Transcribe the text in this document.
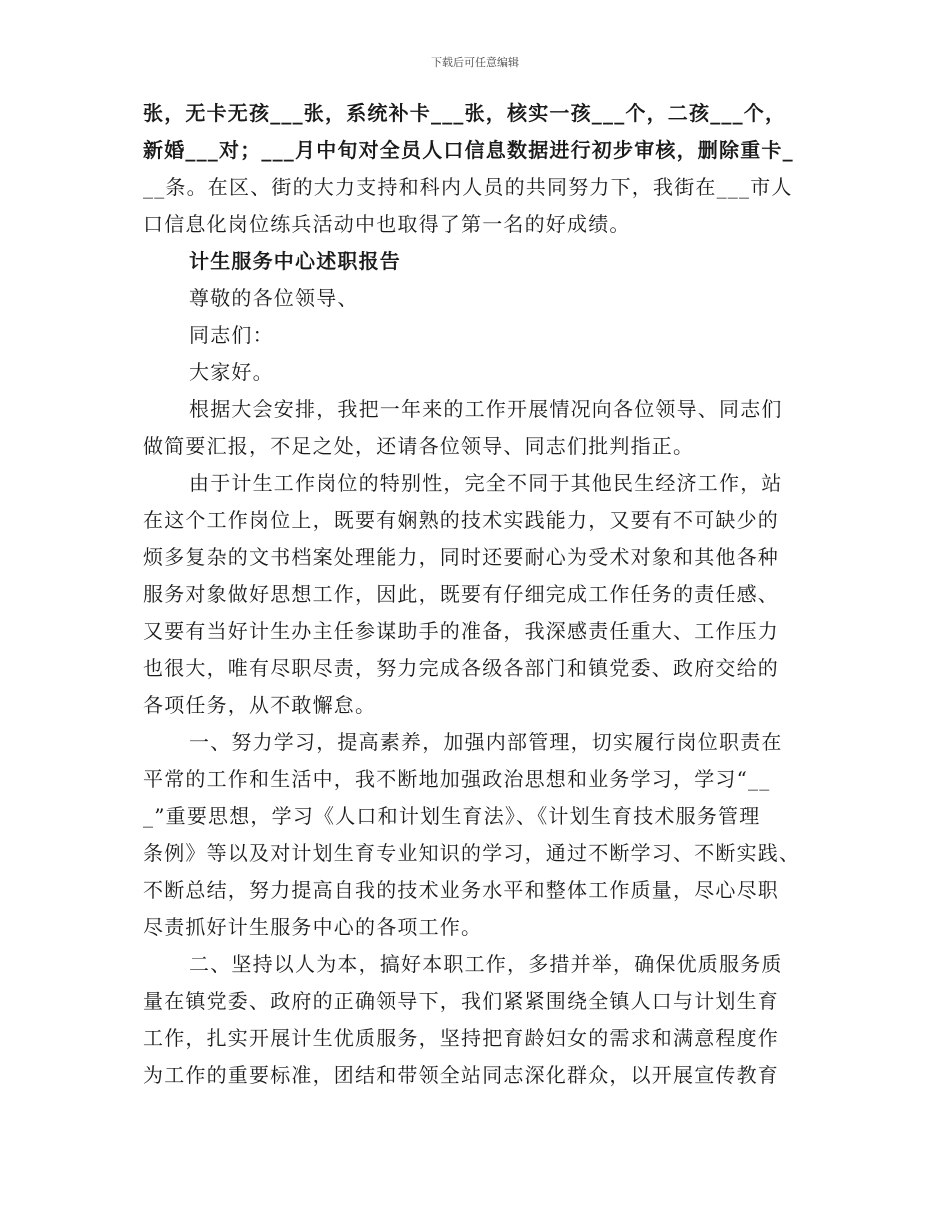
下载后可任意编辑
张，无卡无孩___张，系统补卡___张，核实一孩___个，二孩___个，
新婚___对；___月中旬对全员人口信息数据进行初步审核，删除重卡_
__条。在区、街的大力支持和科内人员的共同努力下，我街在___市人
口信息化岗位练兵活动中也取得了第一名的好成绩。
计生服务中心述职报告
尊敬的各位领导、
同志们：
大家好。
根据大会安排，我把一年来的工作开展情况向各位领导、同志们
做简要汇报，不足之处，还请各位领导、同志们批判指正。
由于计生工作岗位的特别性，完全不同于其他民生经济工作，站
在这个工作岗位上，既要有娴熟的技术实践能力，又要有不可缺少的
烦多复杂的文书档案处理能力，同时还要耐心为受术对象和其他各种
服务对象做好思想工作，因此，既要有仔细完成工作任务的责任感、
又要有当好计生办主任参谋助手的准备，我深感责任重大、工作压力
也很大，唯有尽职尽责，努力完成各级各部门和镇党委、政府交给的
各项任务，从不敢懈怠。
一、努力学习，提高素养，加强内部管理，切实履行岗位职责在
平常的工作和生活中，我不断地加强政治思想和业务学习，学习“__
_”重要思想，学习《人口和计划生育法》、《计划生育技术服务管理
条例》等以及对计划生育专业知识的学习，通过不断学习、不断实践、
不断总结，努力提高自我的技术业务水平和整体工作质量，尽心尽职
尽责抓好计生服务中心的各项工作。
二、坚持以人为本，搞好本职工作，多措并举，确保优质服务质
量在镇党委、政府的正确领导下，我们紧紧围绕全镇人口与计划生育
工作，扎实开展计生优质服务，坚持把育龄妇女的需求和满意程度作
为工作的重要标准，团结和带领全站同志深化群众，以开展宣传教育
